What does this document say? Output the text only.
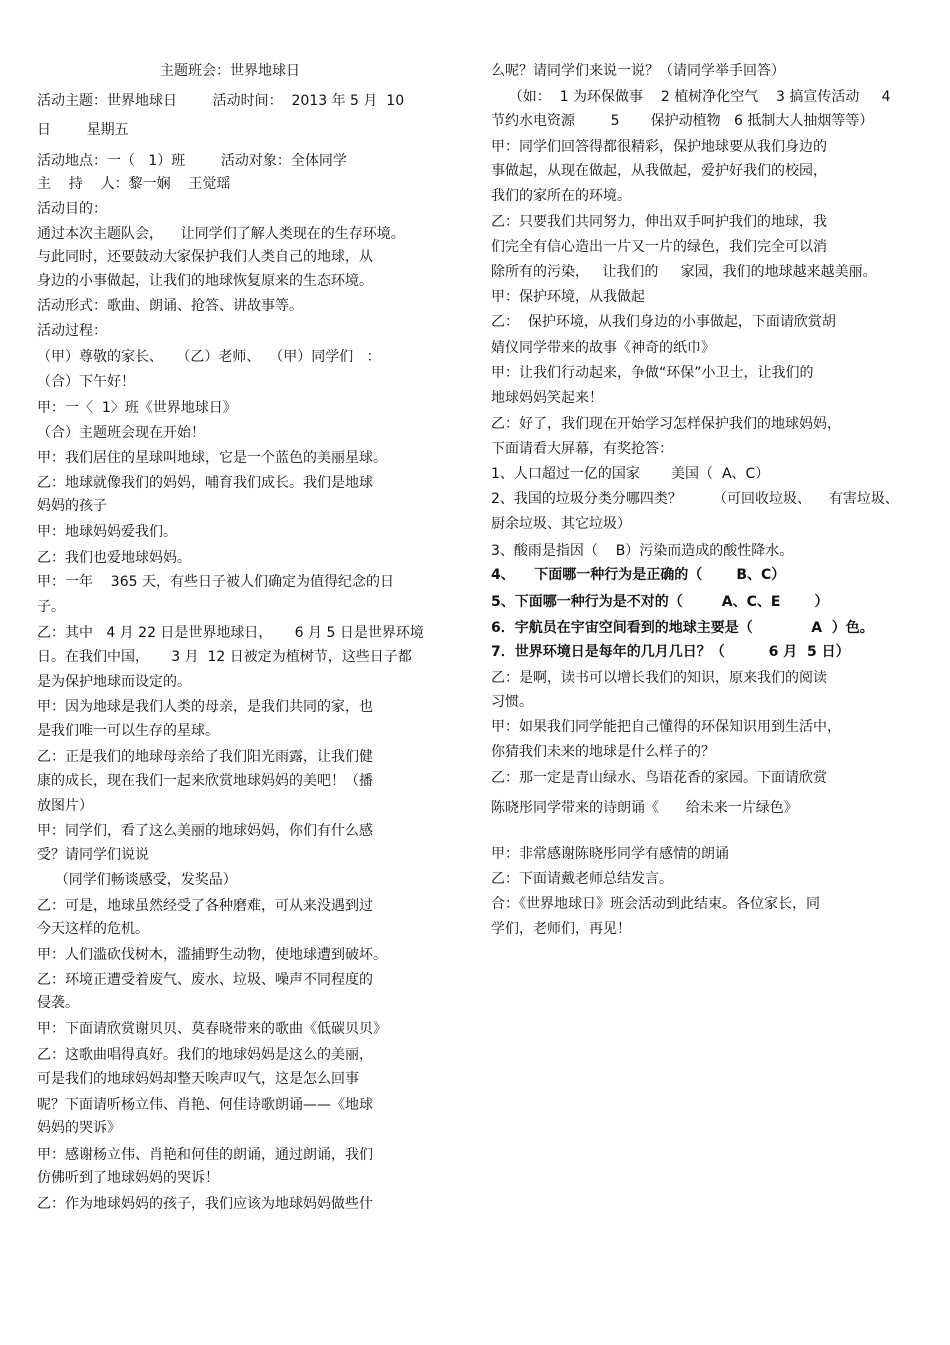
主题班会：世界地球日
活动主题：世界地球日        活动时间：  2013 年 5 月  10
日        星期五
活动地点：一（   1）班        活动对象：全体同学
主    持    人：黎一娴    王觉瑶
活动目的：
通过本次主题队会，    让同学们了解人类现在的生存环境。
与此同时，还要鼓动大家保护我们人类自己的地球，从
身边的小事做起，让我们的地球恢复原来的生态环境。
活动形式：歌曲、朗诵、抢答、讲故事等。
活动过程：
（甲）尊敬的家长、   （乙）老师、  （甲）同学们   ：
（合）下午好！
甲：一〈  1〉班《世界地球日》
（合）主题班会现在开始！
甲：我们居住的星球叫地球，它是一个蓝色的美丽星球。
乙：地球就像我们的妈妈，哺育我们成长。我们是地球
妈妈的孩子
甲：地球妈妈爱我们。
乙：我们也爱地球妈妈。
甲：一年    365 天，有些日子被人们确定为值得纪念的日
子。
乙：其中   4 月 22 日是世界地球日，     6 月 5 日是世界环境
日。在我们中国，     3 月  12 日被定为植树节，这些日子都
是为保护地球而设定的。
甲：因为地球是我们人类的母亲，是我们共同的家，也
是我们唯一可以生存的星球。
乙：正是我们的地球母亲给了我们阳光雨露，让我们健
康的成长，现在我们一起来欣赏地球妈妈的美吧！（播
放图片）
甲：同学们，看了这么美丽的地球妈妈，你们有什么感
受？请同学们说说
（同学们畅谈感受，发奖品）
乙：可是，地球虽然经受了各种磨难，可从来没遇到过
今天这样的危机。
甲：人们滥砍伐树木，滥捕野生动物，使地球遭到破坏。
乙：环境正遭受着废气、废水、垃圾、噪声不同程度的
侵袭。
甲：下面请欣赏谢贝贝、莫春晓带来的歌曲《低碳贝贝》
乙：这歌曲唱得真好。我们的地球妈妈是这么的美丽，
可是我们的地球妈妈却整天唉声叹气，这是怎么回事
呢？下面请听杨立伟、肖艳、何佳诗歌朗诵——《地球
妈妈的哭诉》
甲：感谢杨立伟、肖艳和何佳的朗诵，通过朗诵，我们
仿佛听到了地球妈妈的哭诉！
乙：作为地球妈妈的孩子，我们应该为地球妈妈做些什
么呢？请同学们来说一说？（请同学举手回答）
（如：  1 为环保做事    2 植树净化空气    3 搞宣传活动     4
节约水电资源        5       保护动植物   6 抵制大人抽烟等等）
甲：同学们回答得都很精彩，保护地球要从我们身边的
事做起，从现在做起，从我做起，爱护好我们的校园，
我们的家所在的环境。
乙：只要我们共同努力，伸出双手呵护我们的地球，我
们完全有信心造出一片又一片的绿色，我们完全可以消
除所有的污染，   让我们的     家园，我们的地球越来越美丽。
甲：保护环境，从我做起
乙：  保护环境，从我们身边的小事做起，下面请欣赏胡
婧仪同学带来的故事《神奇的纸巾》
甲：让我们行动起来，争做“环保”小卫士，让我们的
地球妈妈笑起来！
乙：好了，我们现在开始学习怎样保护我们的地球妈妈，
下面请看大屏幕，有奖抢答：
1、人口超过一亿的国家       美国（  A、C）
2、我国的垃圾分类分哪四类？       （可回收垃圾、    有害垃圾、
厨余垃圾、其它垃圾）
3、酸雨是指因（    B）污染而造成的酸性降水。
4、    下面哪一种行为是正确的（       B、C）
5、下面哪一种行为是不对的（        A、C、E       ）
6．宇航员在宇宙空间看到的地球主要是（            A  ）色。
7．世界环境日是每年的几月几日？（         6 月  5 日）
乙：是啊，读书可以增长我们的知识，原来我们的阅读
习惯。
甲：如果我们同学能把自己懂得的环保知识用到生活中，
你猜我们未来的地球是什么样子的？
乙：那一定是青山绿水、鸟语花香的家园。下面请欣赏
陈晓彤同学带来的诗朗诵《      给未来一片绿色》
甲：非常感谢陈晓彤同学有感情的朗诵
乙：下面请戴老师总结发言。
合：《世界地球日》班会活动到此结束。各位家长，同
学们，老师们，再见！
